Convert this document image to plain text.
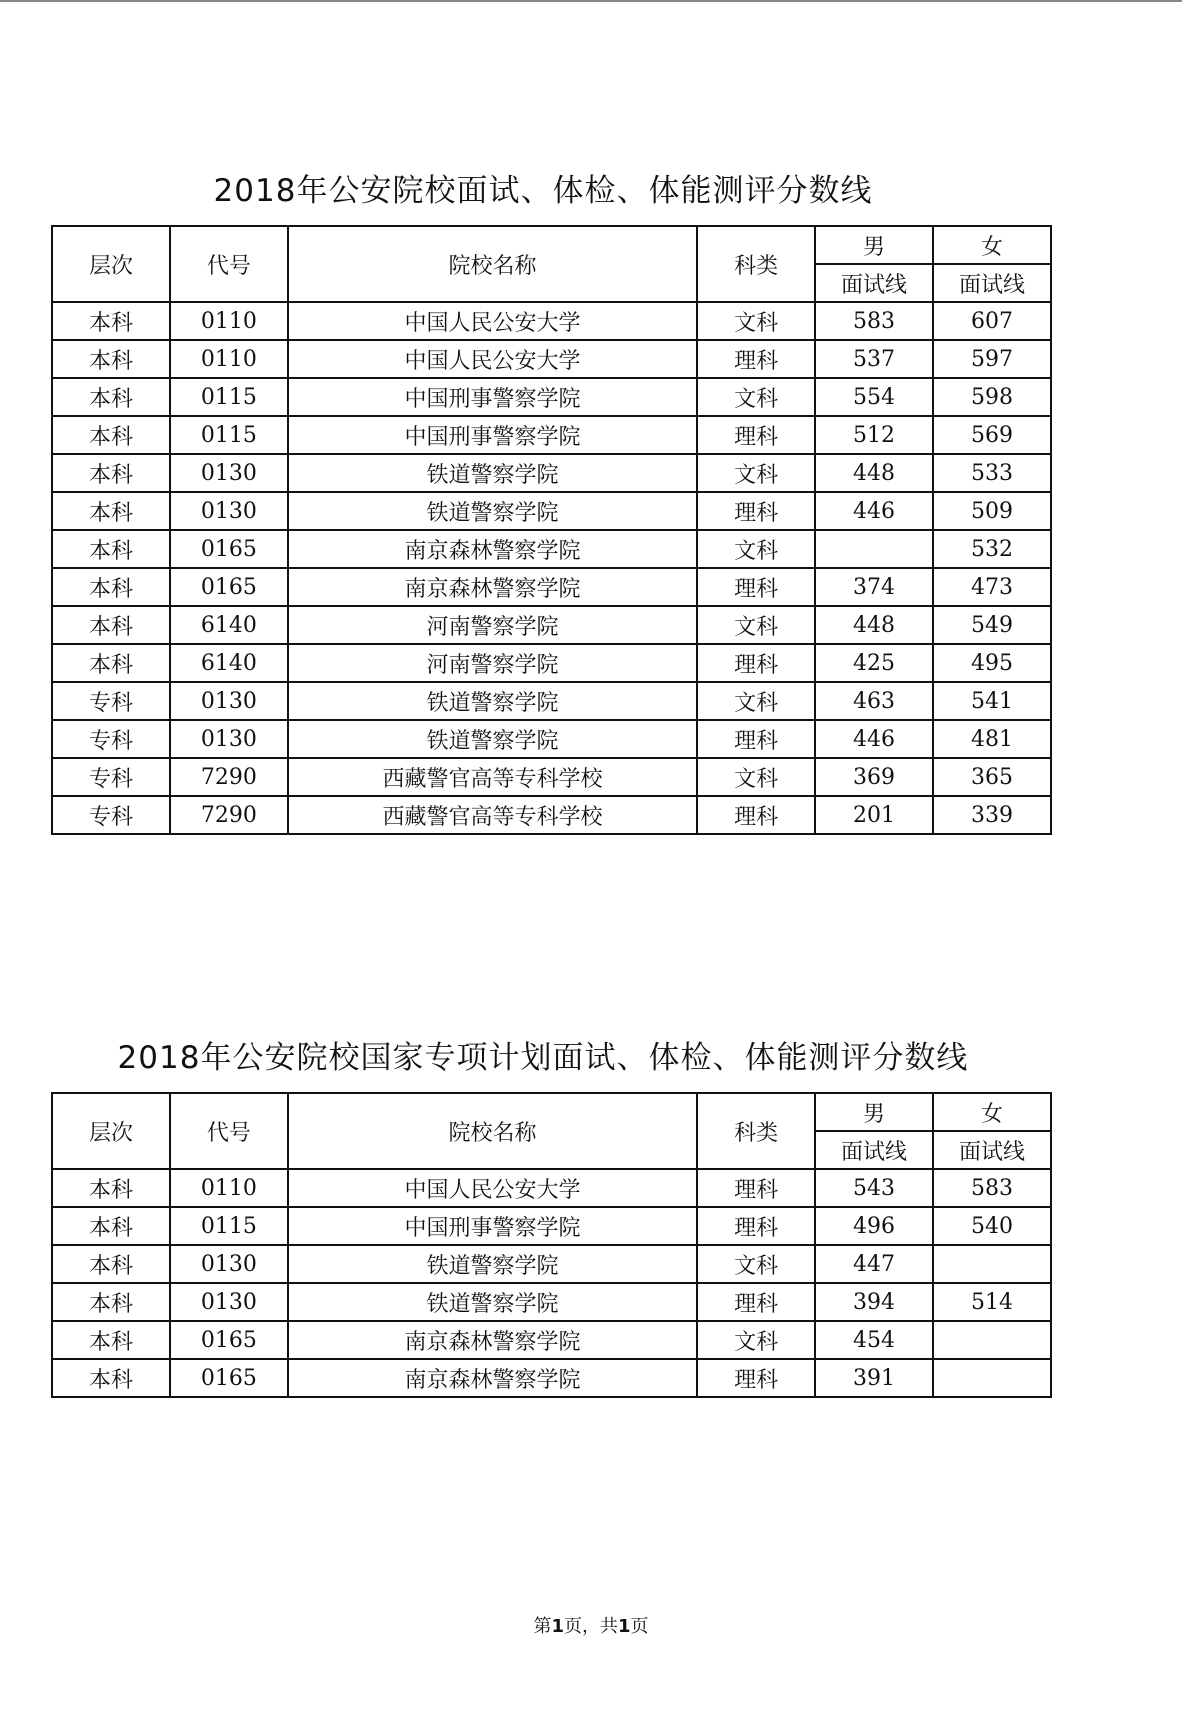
2018年公安院校面试、体检、体能测评分数线
层次	代号	院校名称	科类	男	女
				面试线	面试线
本科	0110	中国人民公安大学	文科	583	607
本科	0110	中国人民公安大学	理科	537	597
本科	0115	中国刑事警察学院	文科	554	598
本科	0115	中国刑事警察学院	理科	512	569
本科	0130	铁道警察学院	文科	448	533
本科	0130	铁道警察学院	理科	446	509
本科	0165	南京森林警察学院	文科		532
本科	0165	南京森林警察学院	理科	374	473
本科	6140	河南警察学院	文科	448	549
本科	6140	河南警察学院	理科	425	495
专科	0130	铁道警察学院	文科	463	541
专科	0130	铁道警察学院	理科	446	481
专科	7290	西藏警官高等专科学校	文科	369	365
专科	7290	西藏警官高等专科学校	理科	201	339
2018年公安院校国家专项计划面试、体检、体能测评分数线
层次	代号	院校名称	科类	男	女
				面试线	面试线
本科	0110	中国人民公安大学	理科	543	583
本科	0115	中国刑事警察学院	理科	496	540
本科	0130	铁道警察学院	文科	447	
本科	0130	铁道警察学院	理科	394	514
本科	0165	南京森林警察学院	文科	454	
本科	0165	南京森林警察学院	理科	391	
第1页，共1页
